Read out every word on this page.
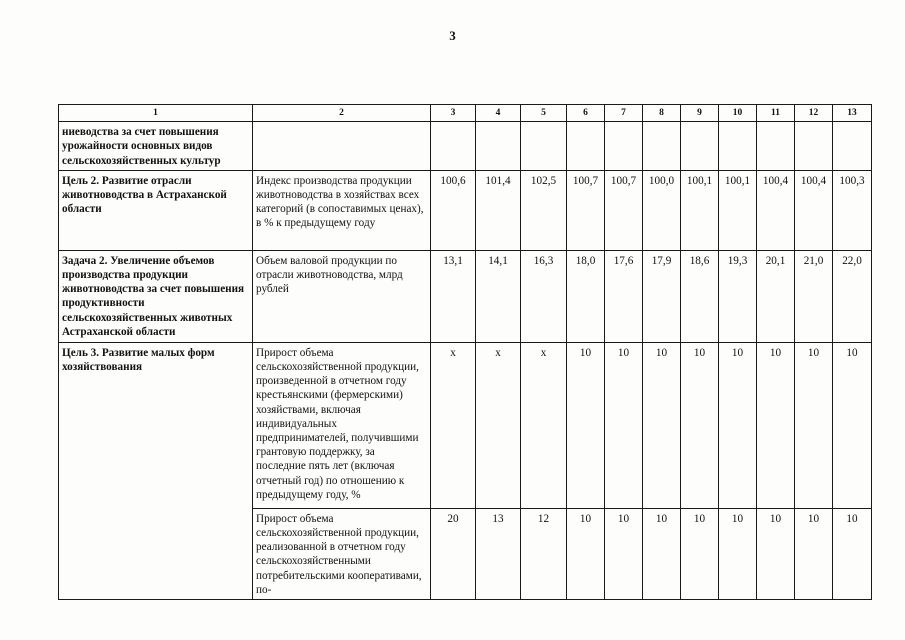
3
1	2	3	4	5	6	7	8	9	10	11	12	13
ниеводства за счет повышения урожайности основных видов сельскохозяйственных культур												
Цель 2. Развитие отрасли животноводства в Астраханской области	Индекс производства продукции животноводства в хозяйствах всех категорий (в сопоставимых ценах), в % к предыдущему году	100,6	101,4	102,5	100,7	100,7	100,0	100,1	100,1	100,4	100,4	100,3
Задача 2. Увеличение объемов производства продукции животноводства за счет повышения продуктивности сельскохозяйственных животных Астраханской области	Объем валовой продукции по отрасли животноводства, млрд рублей	13,1	14,1	16,3	18,0	17,6	17,9	18,6	19,3	20,1	21,0	22,0
Цель 3. Развитие малых форм хозяйствования	Прирост объема сельскохозяйственной продукции, произведенной в отчетном году крестьянскими (фермерскими) хозяйствами, включая индивидуальных предпринимателей, получившими грантовую поддержку, за последние пять лет (включая отчетный год) по отношению к предыдущему году, %	х	х	х	10	10	10	10	10	10	10	10
	Прирост объема сельскохозяйственной продукции, реализованной в отчетном году сельскохозяйственными потребительскими кооперативами, по-	20	13	12	10	10	10	10	10	10	10	10
